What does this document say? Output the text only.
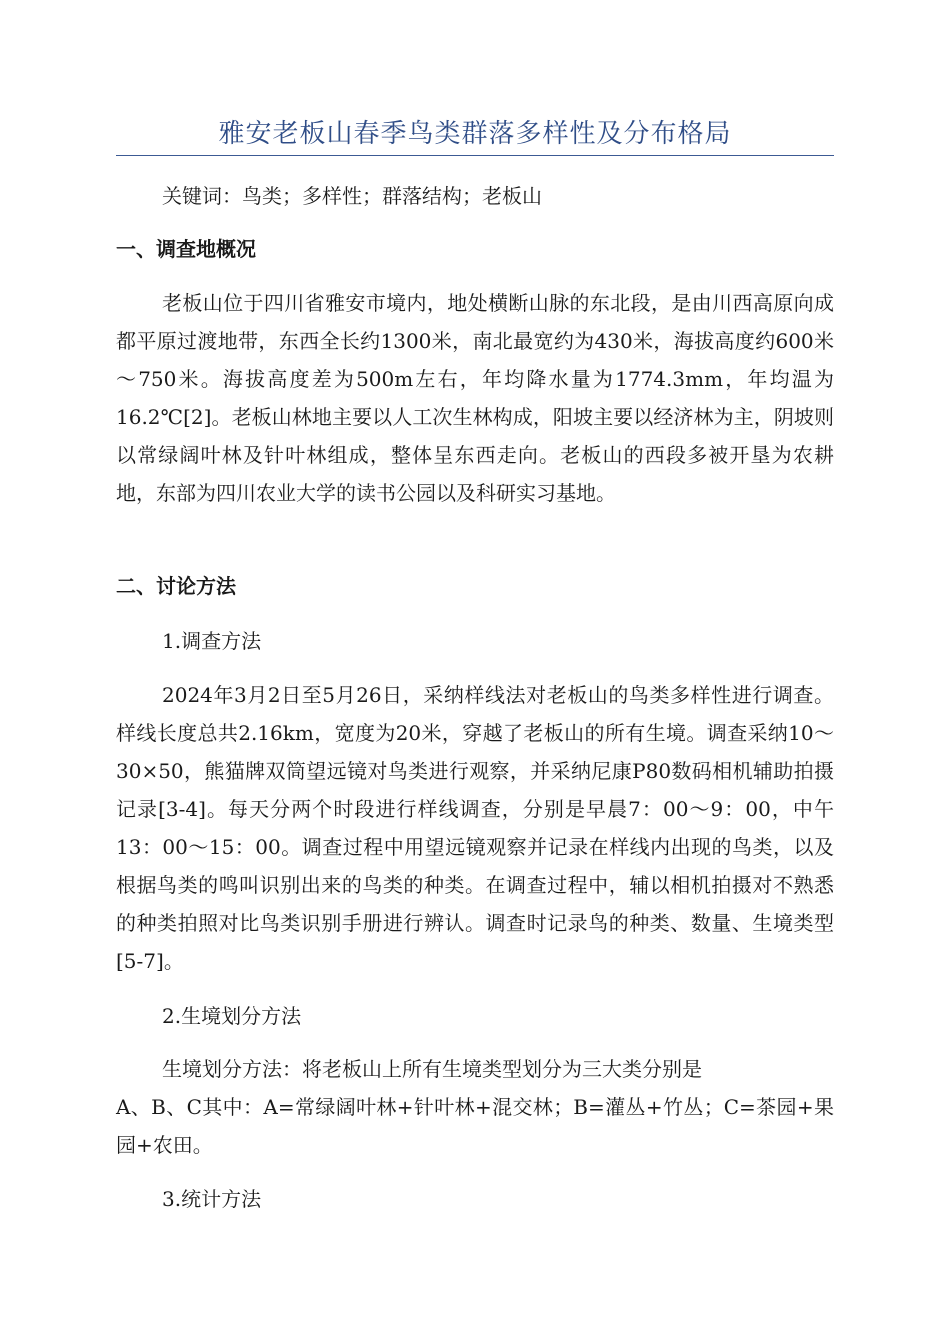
雅安老板山春季鸟类群落多样性及分布格局

关键词：鸟类；多样性；群落结构；老板山

一、调查地概况

老板山位于四川省雅安市境内，地处横断山脉的东北段，是由川西高原向成都平原过渡地带，东西全长约1300米，南北最宽约为430米，海拔高度约600米～750米。海拔高度差为500m左右，年均降水量为1774.3mm，年均温为16.2℃[2]。老板山林地主要以人工次生林构成，阳坡主要以经济林为主，阴坡则以常绿阔叶林及针叶林组成，整体呈东西走向。老板山的西段多被开垦为农耕地，东部为四川农业大学的读书公园以及科研实习基地。

二、讨论方法

1.调查方法

2024年3月2日至5月26日，采纳样线法对老板山的鸟类多样性进行调查。样线长度总共2.16km，宽度为20米，穿越了老板山的所有生境。调查采纳10～30×50，熊猫牌双筒望远镜对鸟类进行观察，并采纳尼康P80数码相机辅助拍摄记录[3-4]。每天分两个时段进行样线调查，分别是早晨7：00～9：00，中午13：00～15：00。调查过程中用望远镜观察并记录在样线内出现的鸟类，以及根据鸟类的鸣叫识别出来的鸟类的种类。在调查过程中，辅以相机拍摄对不熟悉的种类拍照对比鸟类识别手册进行辨认。调查时记录鸟的种类、数量、生境类型[5-7]。

2.生境划分方法

生境划分方法：将老板山上所有生境类型划分为三大类分别是

A、B、C其中：A=常绿阔叶林+针叶林+混交林；B=灌丛+竹丛；C=茶园+果园+农田。

3.统计方法
